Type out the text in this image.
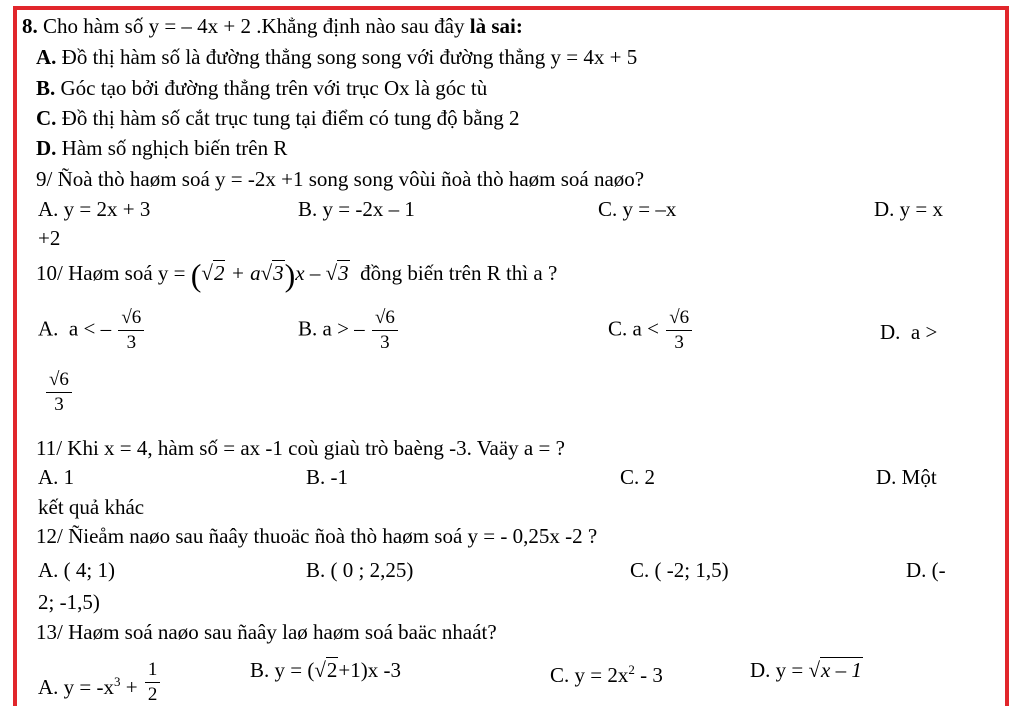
8. Cho hàm số y = – 4x + 2 .Khẳng định nào sau đây là sai:
A. Đồ thị hàm số là đường thẳng song song với đường thẳng y = 4x + 5
B. Góc tạo bởi đường thẳng trên với trục Ox là góc tù
C. Đồ thị hàm số cắt trục tung tại điểm có tung độ bằng 2
D. Hàm số nghịch biến trên R
9/ Ñoà thò haøm soá y = -2x +1 song song vôùi ñoà thò haøm soá naøo?
A. y = 2x + 3	B. y = -2x – 1	C. y = –x	D. y = x
+2
10/ Haøm soá y = (√2 + a√3)x – √3 đồng biến trên R thì a ?
A. a < – $\frac{√6}{3}$	B. a > – $\frac{√6}{3}$	C. $a < \frac{√6}{3}$	D. a >
$\frac{√6}{3}$
11/ Khi x = 4, hàm số = ax -1 coù giaù trò baèng -3. Vaäy a = ?
A. 1	B. -1	C. 2	D. Một
kết quả khác
12/ Ñieåm naøo sau ñaây thuoäc ñoà thò haøm soá y = - 0,25x -2 ?
A. ( 4; 1)	B. ( 0 ; 2,25)	C. ( -2; 1,5)	D. (-
2; -1,5)
13/ Haøm soá naøo sau ñaây laø haøm soá baäc nhaát?
A. $y = -x^3 + \frac{1}{2}$	B. y = (√2+1)x -3	C. $y = 2x^2 - 3$	D. y = √x – 1
